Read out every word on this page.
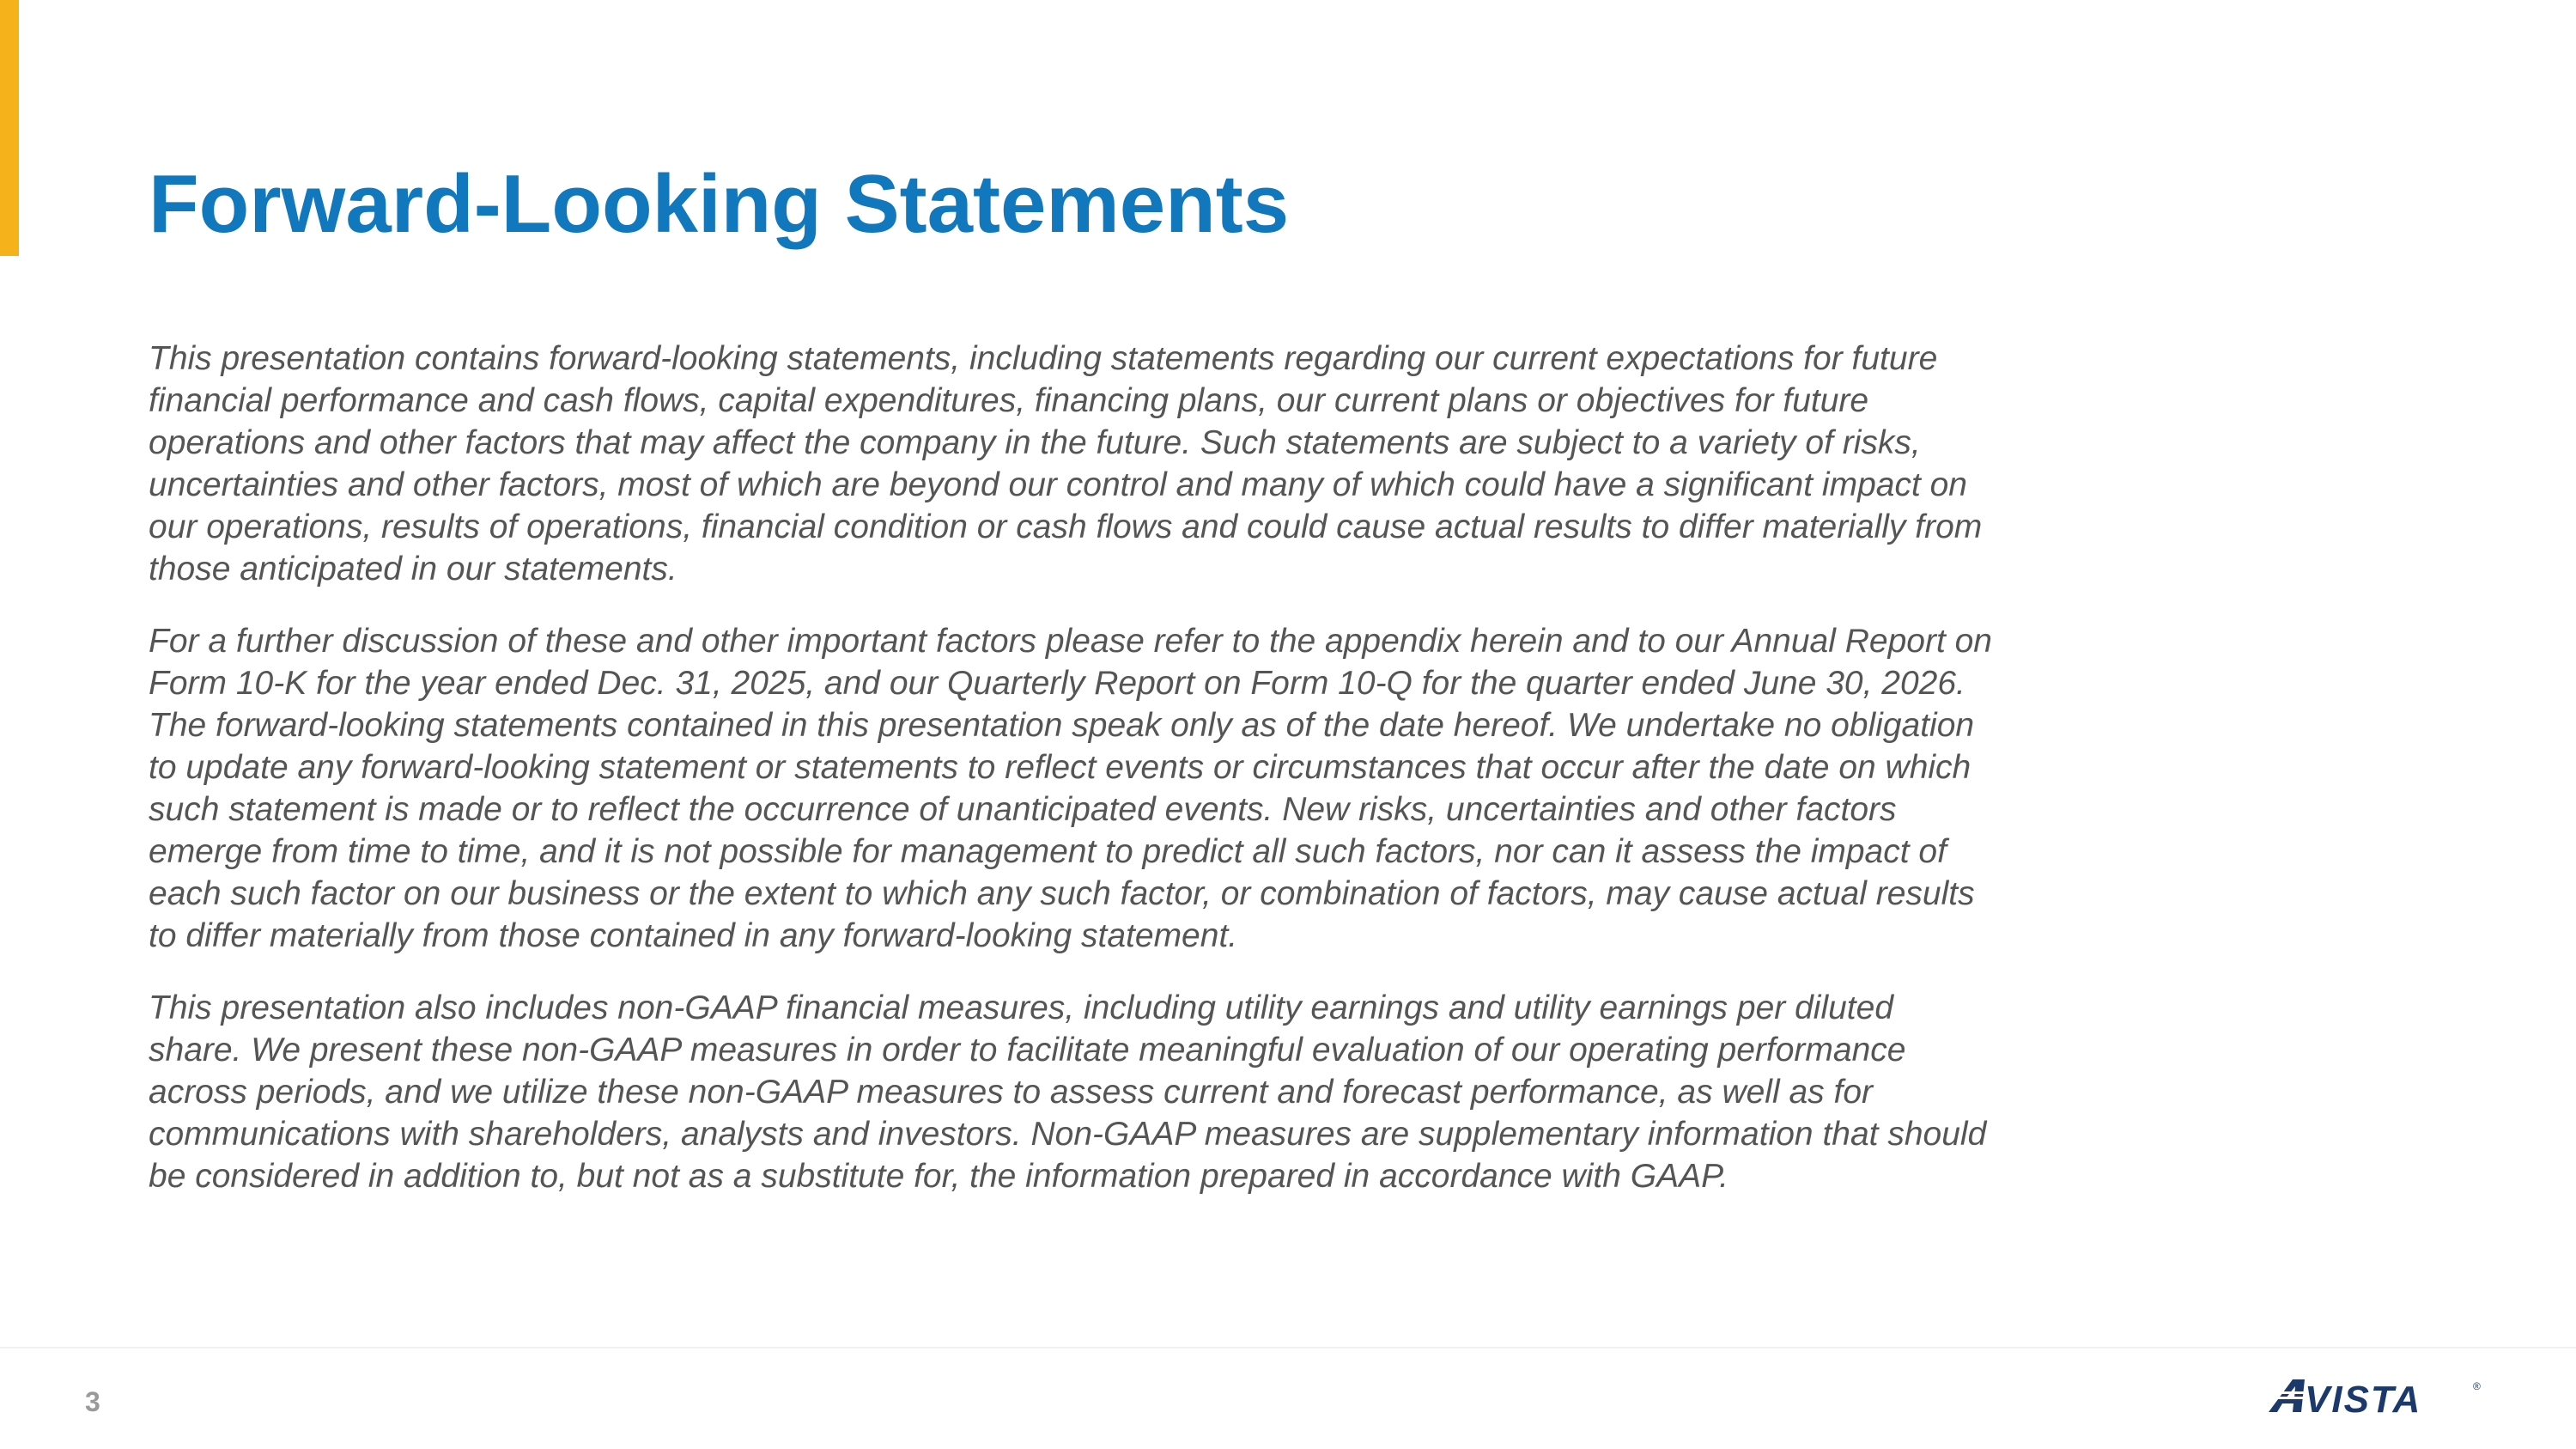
Forward-Looking Statements

This presentation contains forward-looking statements, including statements regarding our current expectations for future financial performance and cash flows, capital expenditures, financing plans, our current plans or objectives for future operations and other factors that may affect the company in the future. Such statements are subject to a variety of risks, uncertainties and other factors, most of which are beyond our control and many of which could have a significant impact on our operations, results of operations, financial condition or cash flows and could cause actual results to differ materially from those anticipated in our statements.

For a further discussion of these and other important factors please refer to the appendix herein and to our Annual Report on Form 10-K for the year ended Dec. 31, 2025, and our Quarterly Report on Form 10-Q for the quarter ended June 30, 2026. The forward-looking statements contained in this presentation speak only as of the date hereof. We undertake no obligation to update any forward-looking statement or statements to reflect events or circumstances that occur after the date on which such statement is made or to reflect the occurrence of unanticipated events. New risks, uncertainties and other factors emerge from time to time, and it is not possible for management to predict all such factors, nor can it assess the impact of each such factor on our business or the extent to which any such factor, or combination of factors, may cause actual results to differ materially from those contained in any forward-looking statement.

This presentation also includes non-GAAP financial measures, including utility earnings and utility earnings per diluted share. We present these non-GAAP measures in order to facilitate meaningful evaluation of our operating performance across periods, and we utilize these non-GAAP measures to assess current and forecast performance, as well as for communications with shareholders, analysts and investors. Non-GAAP measures are supplementary information that should be considered in addition to, but not as a substitute for, the information prepared in accordance with GAAP.

3	VISTA	®
